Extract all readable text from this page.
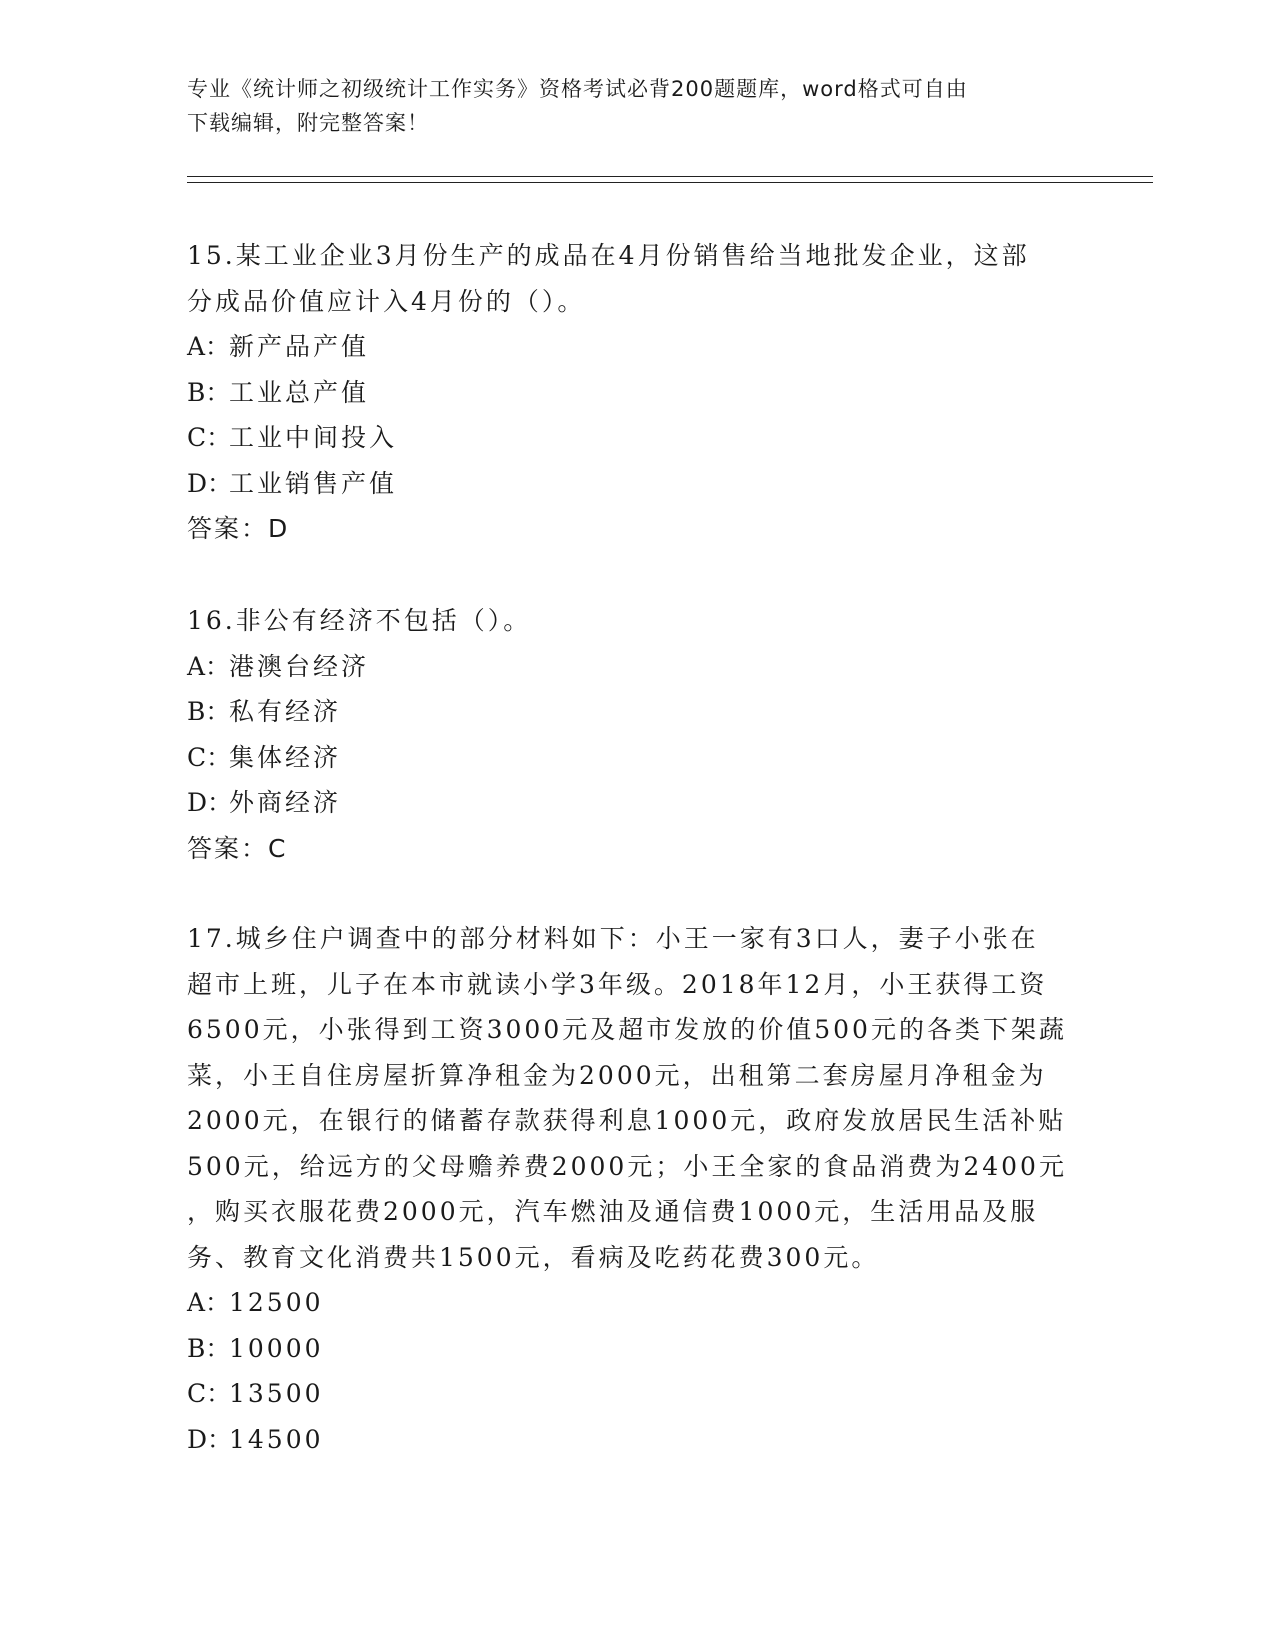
专业《统计师之初级统计工作实务》资格考试必背200题题库，word格式可自由
下载编辑，附完整答案！

15.某工业企业3月份生产的成品在4月份销售给当地批发企业，这部

分成品价值应计入4月份的（）。

A：新产品产值

B：工业总产值

C：工业中间投入

D：工业销售产值

答案：D

16.非公有经济不包括（）。

A：港澳台经济

B：私有经济

C：集体经济

D：外商经济

答案：C

17.城乡住户调查中的部分材料如下：小王一家有3口人，妻子小张在

超市上班，儿子在本市就读小学3年级。2018年12月，小王获得工资

6500元，小张得到工资3000元及超市发放的价值500元的各类下架蔬

菜，小王自住房屋折算净租金为2000元，出租第二套房屋月净租金为

2000元，在银行的储蓄存款获得利息1000元，政府发放居民生活补贴

500元，给远方的父母赡养费2000元；小王全家的食品消费为2400元

，购买衣服花费2000元，汽车燃油及通信费1000元，生活用品及服

务、教育文化消费共1500元，看病及吃药花费300元。

A：12500

B：10000

C：13500

D：14500
